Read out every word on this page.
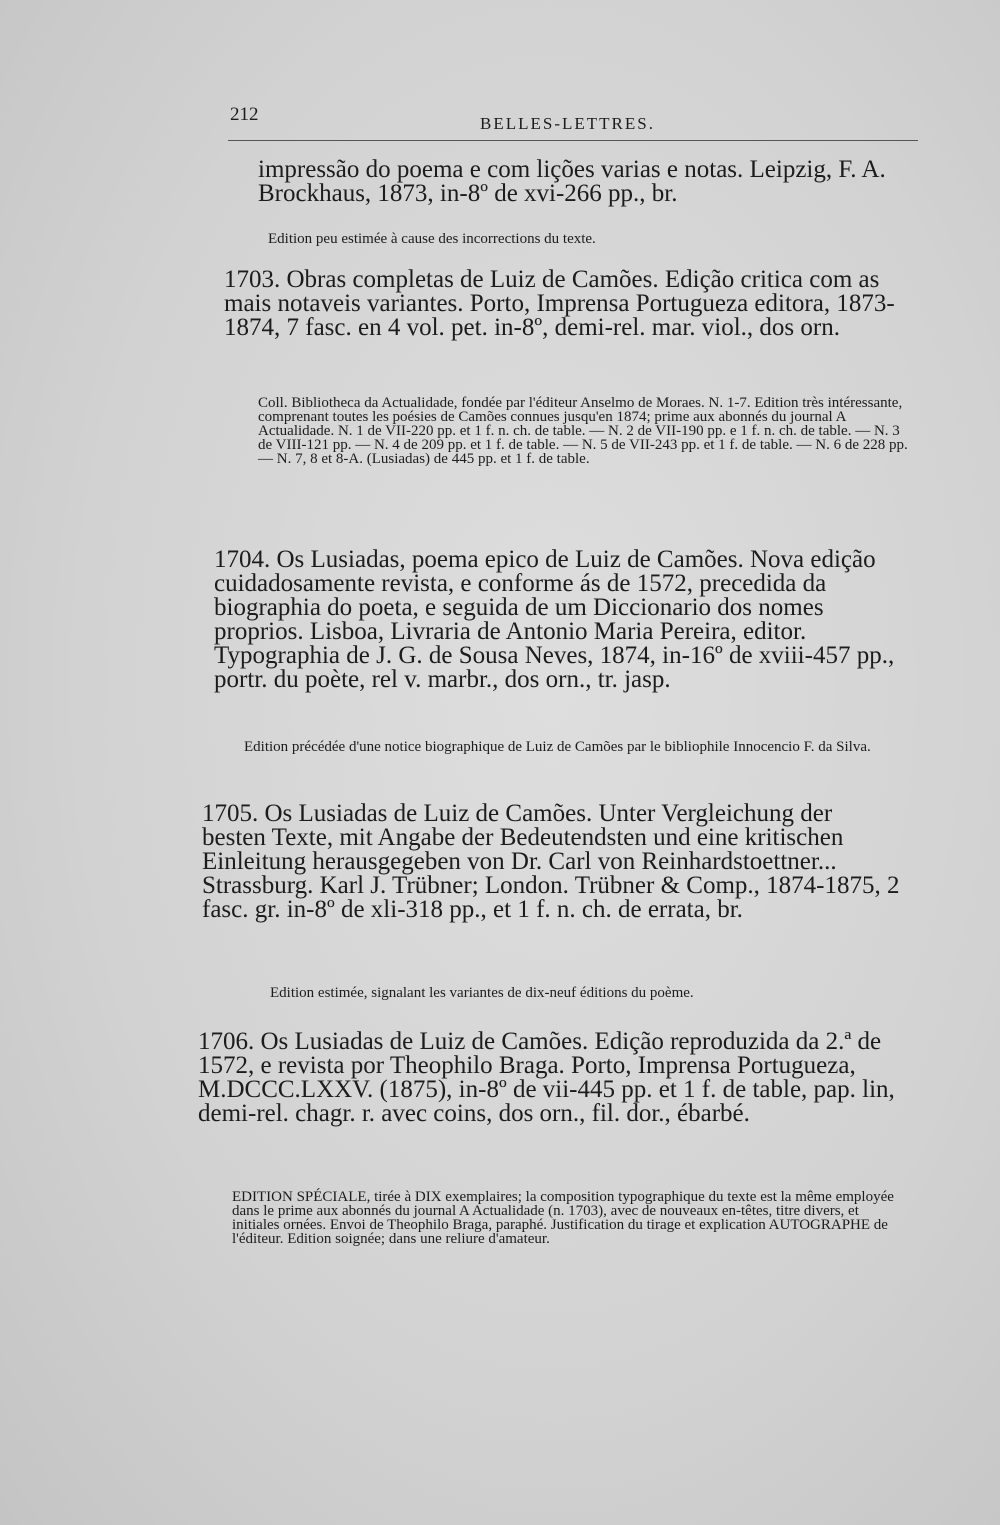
212	BELLES-LETTRES.

impressão do poema e com lições varias e notas. Leipzig, F. A. Brockhaus, 1873, in-8º de xvi-266 pp., br.

Edition peu estimée à cause des incorrections du texte.

1703. Obras completas de Luiz de Camões. Edição critica com as mais notaveis variantes. Porto, Imprensa Portugueza editora, 1873-1874, 7 fasc. en 4 vol. pet. in-8º, demi-rel. mar. viol., dos orn.

Coll. Bibliotheca da Actualidade, fondée par l'éditeur Anselmo de Moraes. N. 1-7. Edition très intéressante, comprenant toutes les poésies de Camões connues jusqu'en 1874; prime aux abonnés du journal A Actualidade. N. 1 de VII-220 pp. et 1 f. n. ch. de table. — N. 2 de VII-190 pp. e 1 f. n. ch. de table. — N. 3 de VIII-121 pp. — N. 4 de 209 pp. et 1 f. de table. — N. 5 de VII-243 pp. et 1 f. de table. — N. 6 de 228 pp. — N. 7, 8 et 8-A. (Lusiadas) de 445 pp. et 1 f. de table.

1704. Os Lusiadas, poema epico de Luiz de Camões. Nova edição cuidadosamente revista, e conforme ás de 1572, precedida da biographia do poeta, e seguida de um Diccionario dos nomes proprios. Lisboa, Livraria de Antonio Maria Pereira, editor. Typographia de J. G. de Sousa Neves, 1874, in-16º de xviii-457 pp., portr. du poète, rel v. marbr., dos orn., tr. jasp.

Edition précédée d'une notice biographique de Luiz de Camões par le bibliophile Innocencio F. da Silva.

1705. Os Lusiadas de Luiz de Camões. Unter Vergleichung der besten Texte, mit Angabe der Bedeutendsten und eine kritischen Einleitung herausgegeben von Dr. Carl von Reinhardstoettner... Strassburg. Karl J. Trübner; London. Trübner & Comp., 1874-1875, 2 fasc. gr. in-8º de xli-318 pp., et 1 f. n. ch. de errata, br.

Edition estimée, signalant les variantes de dix-neuf éditions du poème.

1706. Os Lusiadas de Luiz de Camões. Edição reproduzida da 2.ª de 1572, e revista por Theophilo Braga. Porto, Imprensa Portugueza, M.DCCC.LXXV. (1875), in-8º de vii-445 pp. et 1 f. de table, pap. lin, demi-rel. chagr. r. avec coins, dos orn., fil. dor., ébarbé.

EDITION SPÉCIALE, tirée à DIX exemplaires; la composition typographique du texte est la même employée dans le prime aux abonnés du journal A Actualidade (n. 1703), avec de nouveaux en-têtes, titre divers, et initiales ornées. Envoi de Theophilo Braga, paraphé. Justification du tirage et explication AUTOGRAPHE de l'éditeur. Edition soignée; dans une reliure d'amateur.
